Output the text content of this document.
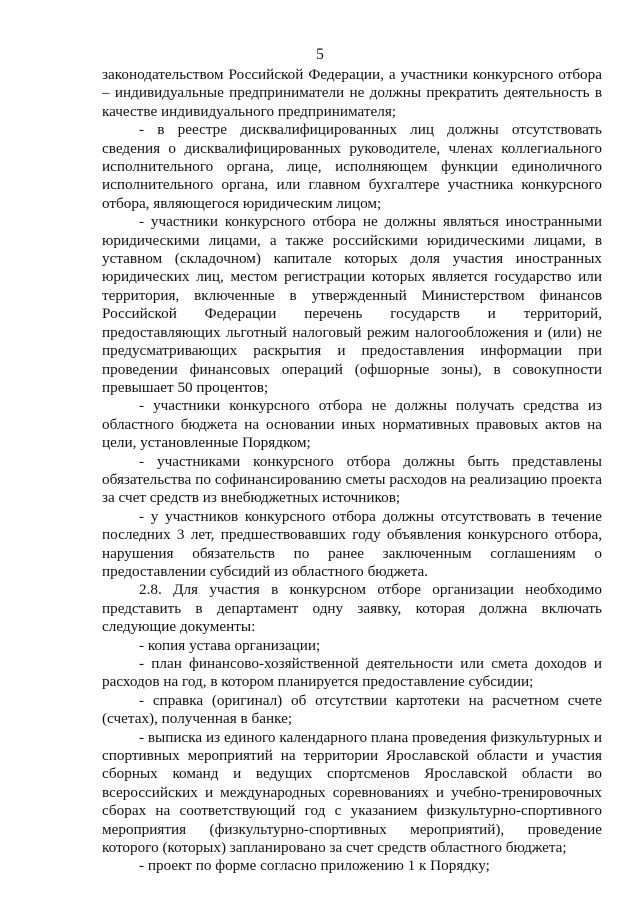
5

законодательством Российской Федерации, а участники конкурсного отбора – индивидуальные предприниматели не должны прекратить деятельность в качестве индивидуального предпринимателя;

- в реестре дисквалифицированных лиц должны отсутствовать сведения о дисквалифицированных руководителе, членах коллегиального исполнительного органа, лице, исполняющем функции единоличного исполнительного органа, или главном бухгалтере участника конкурсного отбора, являющегося юридическим лицом;

- участники конкурсного отбора не должны являться иностранными юридическими лицами, а также российскими юридическими лицами, в уставном (складочном) капитале которых доля участия иностранных юридических лиц, местом регистрации которых является государство или территория, включенные в утвержденный Министерством финансов Российской Федерации перечень государств и территорий, предоставляющих льготный налоговый режим налогообложения и (или) не предусматривающих раскрытия и предоставления информации при проведении финансовых операций (офшорные зоны), в совокупности превышает 50 процентов;

- участники конкурсного отбора не должны получать средства из областного бюджета на основании иных нормативных правовых актов на цели, установленные Порядком;

- участниками конкурсного отбора должны быть представлены обязательства по софинансированию сметы расходов на реализацию проекта за счет средств из внебюджетных источников;

- у участников конкурсного отбора должны отсутствовать в течение последних 3 лет, предшествовавших году объявления конкурсного отбора, нарушения обязательств по ранее заключенным соглашениям о предоставлении субсидий из областного бюджета.

2.8. Для участия в конкурсном отборе организации необходимо представить в департамент одну заявку, которая должна включать следующие документы:

- копия устава организации;

- план финансово-хозяйственной деятельности или смета доходов и расходов на год, в котором планируется предоставление субсидии;

- справка (оригинал) об отсутствии картотеки на расчетном счете (счетах), полученная в банке;

- выписка из единого календарного плана проведения физкультурных и спортивных мероприятий на территории Ярославской области и участия сборных команд и ведущих спортсменов Ярославской области во всероссийских и международных соревнованиях и учебно-тренировочных сборах на соответствующий год с указанием физкультурно-спортивного мероприятия (физкультурно-спортивных мероприятий), проведение которого (которых) запланировано за счет средств областного бюджета;

- проект по форме согласно приложению 1 к Порядку;
